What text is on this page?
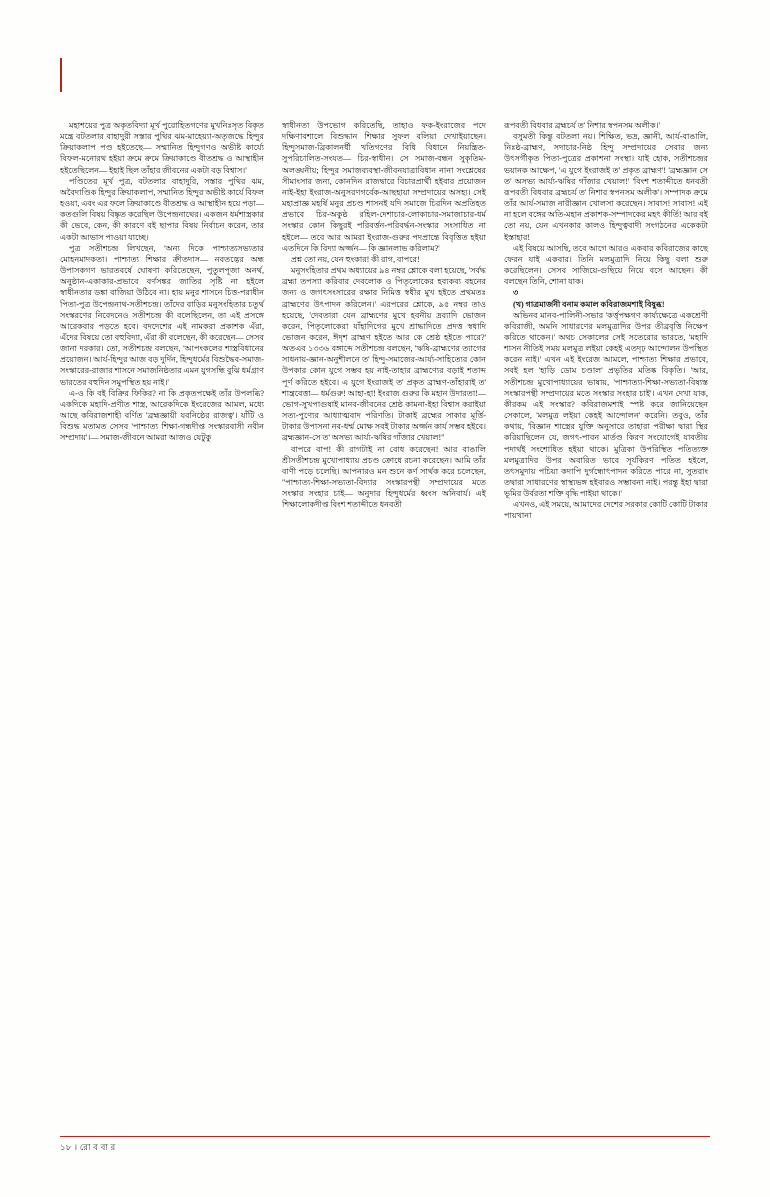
মহাশয়ের পুত্র অকৃতবিদ্যা মূর্খ পুরোহিতগণের মুখনিঃসৃত বিকৃত মন্ত্রে বটতলার বাহাদুরী সস্তার পুথির ঝম-মাহেয়্যা-অতৃজদ্ধে হিন্দুর ক্রিয়াকলাপ পণ্ড হইতেছে— সম্মানিত হিন্দুগণও অভীষ্ট কার্য্যে বিফল-মনোরথ হইয়া ক্রমে ক্রমে ক্রিয়াকাণ্ডে বীতশ্রদ্ধ ও আস্থাহীন হইতেছিলেন— ইহাই ছিল তাঁহার জীবনের একটা বড় বিশ্বাস।'

পণ্ডিতের মূর্খ পুত্র, বটতলার বাহাদুরি, সস্তার পুথির ঝম, অবৈদাণ্ডিক হিন্দুর ক্রিয়াকলাপ, সম্মানিত হিন্দুর অভীষ্ট কার্যে বিফল হওয়া, এবং এর ফলে ক্রিয়াকাণ্ডে বীতশ্রদ্ধ ও আস্থাহীন হয়ে পড়া— কতগুলি বিষয় বিষ্কৃত করেছিল উপেন্দ্রনাথের। একজন ধর্মশাস্ত্রকার কী ভেবে, কেন, কী কারণে বই ছাপার বিষয় নির্বাচন করেন, তার একটা আভাস পাওয়া যাচ্ছে।

পুত্র সতীশচন্দ্র লিখছেন, 'অন্য দিকে পাশ্চাত্যসভ্যতার মোহনমাদকতা। পাশ্চাত্য শিক্ষার ক্রীতদাস— নবতদ্ভের অন্ধ উপাসকগণ ভারতবর্ষে ঘোষণা করিতেছেন, পুতুলপূজা অনর্থ, অনুষ্ঠান-একাকার-প্রভাবে বর্ণসঙ্কর জাতির সৃষ্টি না হইলে স্বাধীনতার ডঙ্কা বাজিয়া উঠিবে না। হায় মনুর শাসনে চিত্ত-পরাধীন পিতা-পুত্র উপেন্দ্রনাথ-সতীশচন্দ্র। তাঁদের বাড়ির মনুসংহিতার চতুর্থ সংস্করণের নিবেদনেও সতীশচন্দ্র কী বলেছিলেন, তা এই প্রসঙ্গে আরেকবার পড়তে হবে। বদদেশের এই নামকরা প্রকাশক এঁরা, এঁদের বিষয়ে তো বহুবিদ্যা, এঁরা কী বলেছেন, কী করেছেন— সেসব জানা দরকার। তো, সতীশচন্দ্র বলছেন, 'আপংকলের শাস্ত্রবিধানের প্রয়োজন। আর্য-হিন্দুর আজ বড় দুর্দিন, হিন্দুধর্মের বিশুদ্ধৈব-সমাজ-সংস্কারের-রাজার শাসনে সমাজনিষ্ঠতার এমন যুগসন্ধি বুঝি ধর্মগ্রাণ ভারতের বহুদিন সমুপস্থিত হয় নাই।'

এ-ও কি বই বিক্রির ফিকির? না কি প্রকৃতপক্ষেই তাঁর উপলব্ধি? একদিকে মহাদি-প্রণীত শাস্ত্র, আরেকদিকে ইংরেজের আমল, মধ্যে আছে কবিরাজশাহী বর্ণিত 'ব্রহ্মজ্ঞায়ী যবনিষ্ঠের রাজত্ব'। যাঁটি ও বিশুদ্ধ মতামত সেসব 'পাশ্চাত্য শিক্ষা-গন্ধদীপ্ত সংস্কারবাসী নবীন সম্প্রদায়'।— সমাজ-জীবনে আমরা আজও যেটুকু

স্বাধীনতা উপভোগ করিতেছি, তাহাও ফক-ইংরাজের পদে দক্ষিণাবশালে বিশুদ্ধান শিক্ষার সুফল বলিয়া দেখাইয়াছেন। হিন্দুসমাজ-ব্রিকালনর্ধী খতিগণের বিধি বিধানে নিয়ন্ত্রিত-সুপরিচালিত-সংযত— চির-স্বাধীন। সে সমাজ-বন্ধন সুকৃতিম-অলঙ্ঘনীয়; হিন্দুর সমাজব্যবস্থা-জীবনযাত্রাবিধান নানা সংশ্লেষের সীমাংসার জন্য, কোনদিন রাজদ্বারে বিচারপ্রার্থী হইবার প্রয়োজন নাই-ইহা ইংরাজ-অনুসরণগর্বেক-আছহায়া সম্প্রদায়ের অসহ্য। সেই মহাপ্রাজ্ঞ মহর্ষি মনুর প্রচণ্ড শাসনই যদি সমাজে চিরদিন অপ্রতিহত প্রভাবে চির-অকুষ্ঠ রহিল-দেশাচার-লোকাচার-সমাজাচার-ধর্ম সংস্কার কোন কিছুরই পরিবর্ত্তন-পরিবর্দ্ধন-সংস্কার সংসাধিত না হইলে— তবে আর আমরা ইংরাজ-গুরুর পদপ্রান্তে বিবৃত্তিত হইয়া এতদিনে কি বিদ্যা অর্জ্জন— কি জ্ঞানলাভ করিলাম?'

প্রশ্ন তো নয়, যেন হুংকার! কী রাগ, বাপরে!

মনুসংহিতার প্রথম অধ্যায়ের ৯৪ নম্বর শ্লোকে বলা হয়েছে, 'সর্বদ্ধ ব্রহ্মা তপস্যা করিবার দেবলোক ও পিতৃলোকের হব্যকব্য বহনের জন্য ও জগৎসংসারের রক্ষার নিমিত্ত স্বধীর মুখ হইতে প্রথমতঃ ব্রাহ্মণের উৎপাদন করিলেন।' এরপরের শ্লোকে, ৯৫ নম্বর তাও হয়েছে, 'দেবতারা যেন ব্রাহ্মণের মুখে হবনীয় দ্রব্যাদি ভোজন করেন, পিতৃলোকেরা যাঁহাদিগের মুখে শ্রাদ্ধাদিতে প্রদত্ত স্বধাদি ভোজন করেন, ঈদৃশ ব্রাহ্মণ হইতে আর কে শ্রেষ্ঠ হইতে পারে?' অতএব ১৩৩৬ বঙ্গাব্দে সতীশচন্দ্র বলছেন, 'ঋষি-ব্রাহ্মণের ত্যাগের সাধনায়-জ্ঞান-অনুশীলনে ত' হিন্দু-সমাজের-আর্য্য-সাহিত্যের কোন উপকার কোন যুগে সম্ভব হয় নাই-তাহার ব্রাহ্মণ্যের বড়াই শতাব্দ পূর্ণ করিতে হইবে। এ যুগে ইংরাজই ত' প্রকৃত ব্রাহ্মণ-তাঁহারাই ত' শান্ত্রবেত্তা— ধর্মগুরু! আহা-হা! ইংরাজ গুরুর কি মহান উদারতা!— ভোগ-সুখপাগুষাই মানব-জীবনের শ্রেষ্ঠ কামনা-ইহা বিশ্বাস করাইয়া সত্য-পুণ্যের আধ্যাত্মবাদ পরিণতি। টাকাই ব্রহ্মের সাকার মূর্ত্তি-টাকার উপাসনা নব-ধর্ম্ম মোক্ষ সবই টাকার অর্জ্জন কার্য সম্ভব হইবে। ব্রহ্মজ্ঞান-সে ত' অসভ্য আর্য্য-ঋষির গাঁজার খেয়াল!"

বাপরে বাপ! কী রাগটাই না বোধ করেছেন! আর বাঙালি শ্রীসতীশচন্দ্র মুখোপাধ্যায় প্রচণ্ড ক্রোধে রচনা করেছেন। আমি তাঁর বাণী পড়ে চলেছি। আপনারও মন শুনে কর্ণ সার্থক করে চলেছেন, "পাশ্চাত্য-শিক্ষা-সভ্যতা-বিদ্যার সংস্কারপন্থী সম্প্রদায়ের মতে সংস্কার সংহার চাই— অনুদার হিন্দুধর্মের ধ্বংস অনিবার্য। এই শিক্ষালোকদীপ্ত বিংশ শতাব্দীতে ধনবতী

রূপবতী বিধবার ব্রহ্মচর্য ত' নিশার স্বপনসম অলীক।'

বসুমতী কিন্তু বটতলা নয়। শিক্ষিত, ভদ্র, জ্ঞানী, আর্য-বাঙালি, নিঃষ্ঠ-ব্রাহ্মণ, সদাচার-নিষ্ঠ হিন্দু সম্প্রদায়ের সেবার জন্য উৎসর্গীকৃত পিতা-পুত্রের প্রকাশনা সংস্থা। যাই হোক, সতীশচন্দ্রর ভয়ানক আক্ষেপ, 'এ যুগে ইংরাজই ত' প্রকৃত ব্রাহ্মণ'! 'ব্রহ্মজ্ঞান সে ত' অসভ্য আর্য্য-ঋষির গাঁজার খেয়াল!' 'বিংশ শতাব্দীতে ধনবতী রূপবতী বিধবার ব্রহ্মচর্য ত' নিশার স্বপনসম অলীক'। সম্পাদক ক্রমে তাঁর আর্য-সমাজ নারীজ্ঞান খোলসা করেছেন। সাবাস! সাবাস! এই না হলে বঙ্গের অতি-মহান প্রকাশক-সম্পাদকের মহৎ কীর্তি! আর বই তো নয়, যেন এখনকার কালও হিন্দুত্ববাদী সংগঠনের একেকটা ইস্তাহার!

এই বিষয়ে আসছি, তবে আগে আরও একবার কবিরাজের কাছে ফেরন যাই একবার। তিনি মলমুত্রাদি নিয়ে কিছু বলা শুরু করেছিলেন। সেসব সাজিয়ে-গুছিয়ে নিয়ে বসে আছেন। কী বলছেন তিনি, শোনা যাক।

৩

(খ) গাত্রমার্জনী বনাম কমাল কবিরাজমশাই বিষুব্ধ!

অভিনব মানব-পালিনী-সভার 'কর্ত্তৃপক্ষগণ কার্য্যক্ষেত্রে একশ্রেণী কবিরাজী, অমনি সাধারণের মলমুত্রাদির উপর তীব্রবৃত্তি নিক্ষেপ করিতে থাকেন।' অথচ সেকালের সেই সতেরোর ভারতে, 'মহাদি শাসন নীতিই সময় মলমুত্র লইয়া কেহই এতদৃঢ় আন্দোলন উপস্থিত করেন নাই।' এখন এই ইংরেজ আমলে, পাশ্চাত্য শিক্ষার প্রভাবে, সবই হল 'হাড়ি ডোম চণ্ডাল' প্রভৃতির মতিষ্ক বিকৃতি। 'আর, সতীশচন্দ্র মুখোপাধ্যায়ের ভাষায়, 'পাশ্চাত্যা-শিক্ষা-সভ্যতা-বিষ্যস্ত সংস্কারপন্থী সম্প্রদায়ের মতে সংস্কার সংহার চাই'। এখন দেখা যাক, কীরকম এই সংস্কার? কবিরাজমশাই স্পষ্ট করে জানিয়েছেন সেকালে, 'মলমুত্র লইয়া কেহই আন্দোলন' করেনি। তবুও, তাঁর কথায়, 'বিজ্ঞান শাস্ত্রের যুক্তি অনুসারে তাহারা পরীক্ষা দ্বারা স্থির করিয়াছিলেন যে, জগৎ-পাবন মার্তণ্ড কিরণ সংযোগেই যাবতীয় পদার্থই সংশোধিত হইয়া থাকে। মুত্রিকা উপরিস্থিত পতিত্যক্ত মলমুত্রাদির উপর অবারিত ভাবে সূর্যকিরণ পতিত হইলে, তৎসমুদায় পচিয়া কদাপি দুর্গন্ধোৎপাদন করিতে পারে না, সুতরাং তদ্বারা সাধারণের স্বাস্থ্যভঙ্গ হইবারও সম্ভাবনা নাই। পরন্তু ইহা দ্বারা ভূমির উর্বরতা শক্তি বৃদ্ধি পাইয়া থাকে।'

এখনও, এই সময়ে, আমাদের দেশের সরকার কোটি কোটি টাকার পায়খানা

১৮ । রো ব বা র
